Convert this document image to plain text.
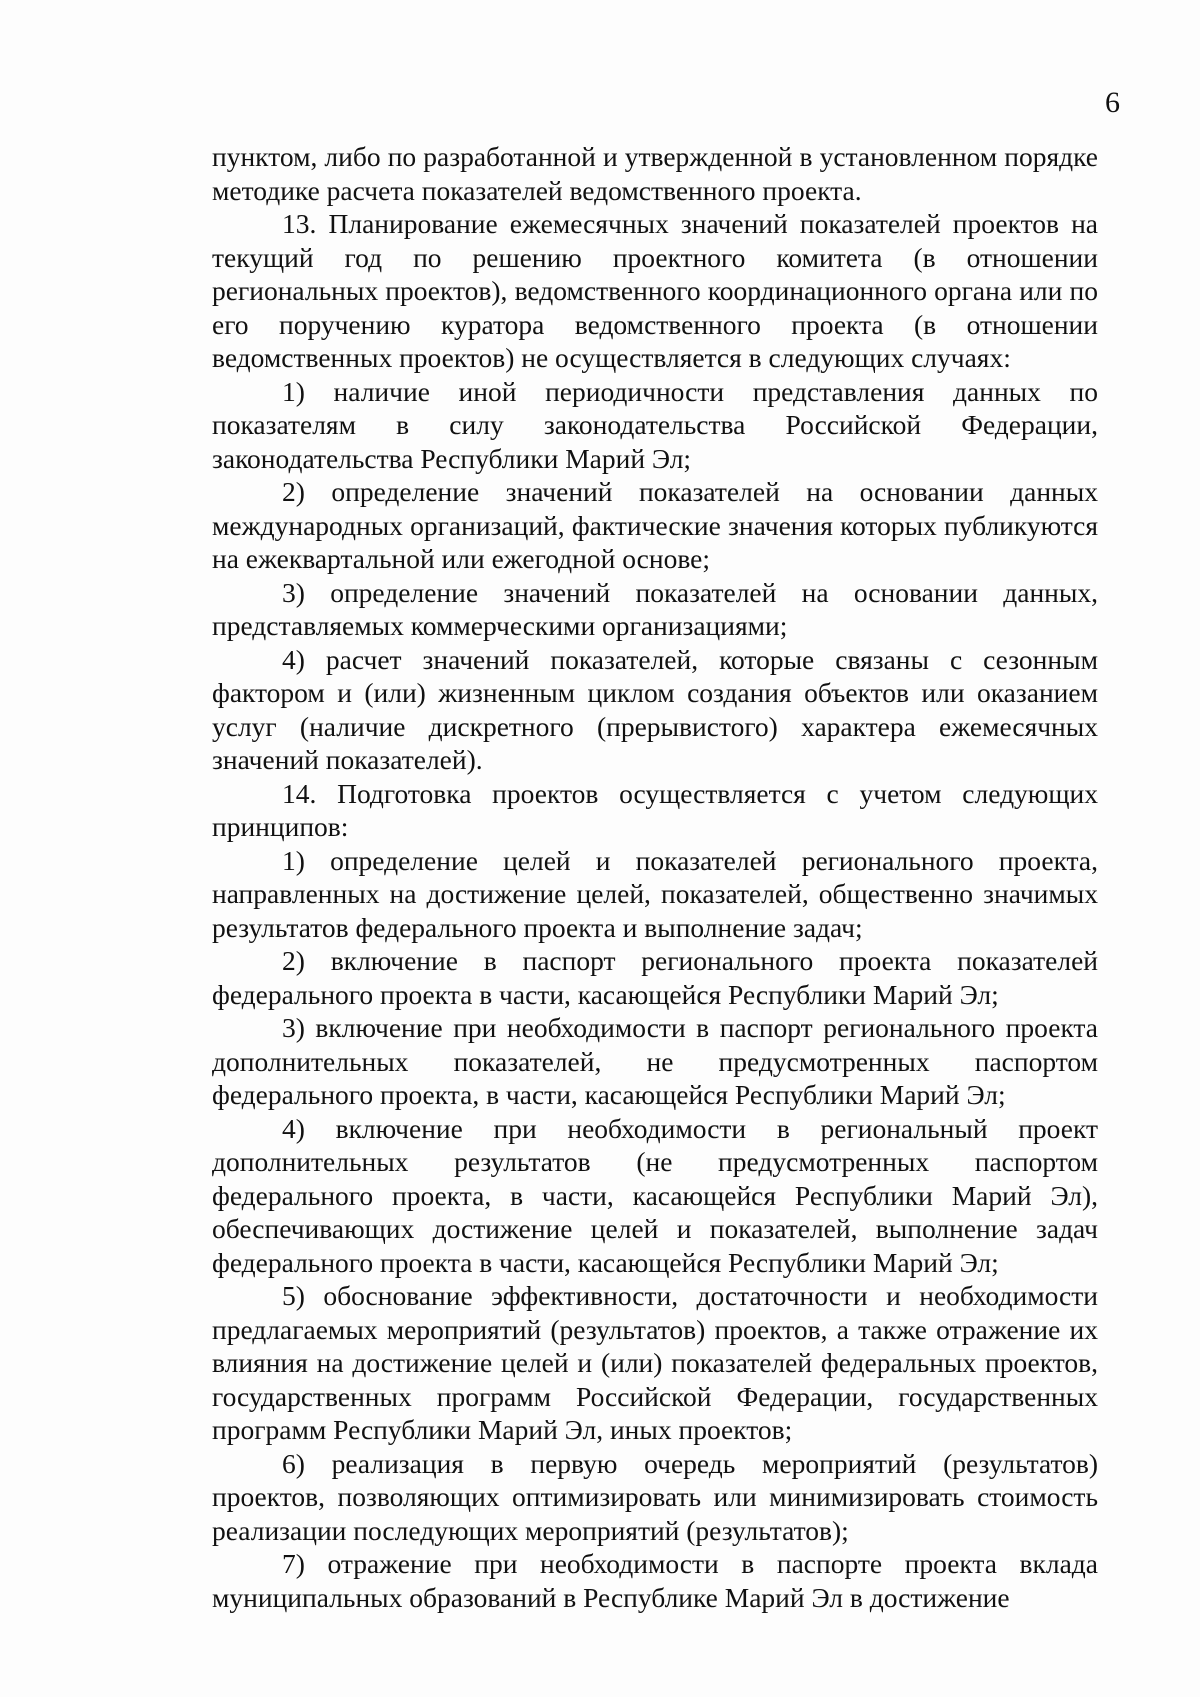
6

пунктом, либо по разработанной и утвержденной в установленном порядке методике расчета показателей ведомственного проекта.

13. Планирование ежемесячных значений показателей проектов на текущий год по решению проектного комитета (в отношении региональных проектов), ведомственного координационного органа или по его поручению куратора ведомственного проекта (в отношении ведомственных проектов) не осуществляется в следующих случаях:

1) наличие иной периодичности представления данных по показателям в силу законодательства Российской Федерации, законодательства Республики Марий Эл;

2) определение значений показателей на основании данных международных организаций, фактические значения которых публикуются на ежеквартальной или ежегодной основе;

3) определение значений показателей на основании данных, представляемых коммерческими организациями;

4) расчет значений показателей, которые связаны с сезонным фактором и (или) жизненным циклом создания объектов или оказанием услуг (наличие дискретного (прерывистого) характера ежемесячных значений показателей).

14. Подготовка проектов осуществляется с учетом следующих принципов:

1) определение целей и показателей регионального проекта, направленных на достижение целей, показателей, общественно значимых результатов федерального проекта и выполнение задач;

2) включение в паспорт регионального проекта показателей федерального проекта в части, касающейся Республики Марий Эл;

3) включение при необходимости в паспорт регионального проекта дополнительных показателей, не предусмотренных паспортом федерального проекта, в части, касающейся Республики Марий Эл;

4) включение при необходимости в региональный проект дополнительных результатов (не предусмотренных паспортом федерального проекта, в части, касающейся Республики Марий Эл), обеспечивающих достижение целей и показателей, выполнение задач федерального проекта в части, касающейся Республики Марий Эл;

5) обоснование эффективности, достаточности и необходимости предлагаемых мероприятий (результатов) проектов, а также отражение их влияния на достижение целей и (или) показателей федеральных проектов, государственных программ Российской Федерации, государственных программ Республики Марий Эл, иных проектов;

6) реализация в первую очередь мероприятий (результатов) проектов, позволяющих оптимизировать или минимизировать стоимость реализации последующих мероприятий (результатов);

7) отражение при необходимости в паспорте проекта вклада муниципальных образований в Республике Марий Эл в достижение
